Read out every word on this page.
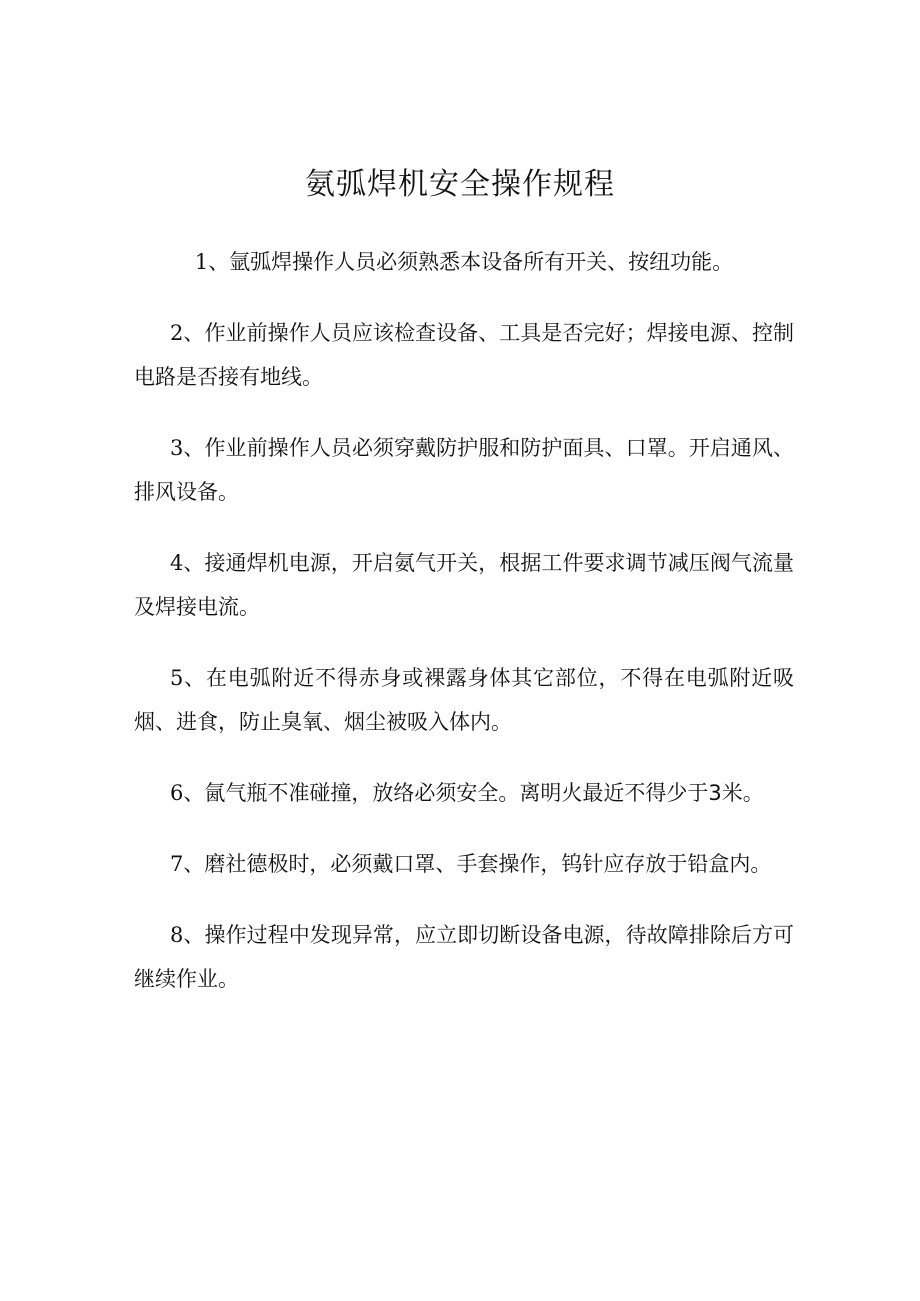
氨弧焊机安全操作规程
1、氩弧焊操作人员必须熟悉本设备所有开关、按纽功能。
2、作业前操作人员应该检查设备、工具是否完好；焊接电源、控制电路是否接有地线。
3、作业前操作人员必须穿戴防护服和防护面具、口罩。开启通风、排风设备。
4、接通焊机电源，开启氨气开关，根据工件要求调节减压阀气流量及焊接电流。
5、在电弧附近不得赤身或裸露身体其它部位，不得在电弧附近吸烟、进食，防止臭氧、烟尘被吸入体内。
6、氤气瓶不准碰撞，放络必须安全。离明火最近不得少于3米。
7、磨社德极时，必须戴口罩、手套操作，钨针应存放于铅盒内。
8、操作过程中发现异常，应立即切断设备电源，待故障排除后方可继续作业。
